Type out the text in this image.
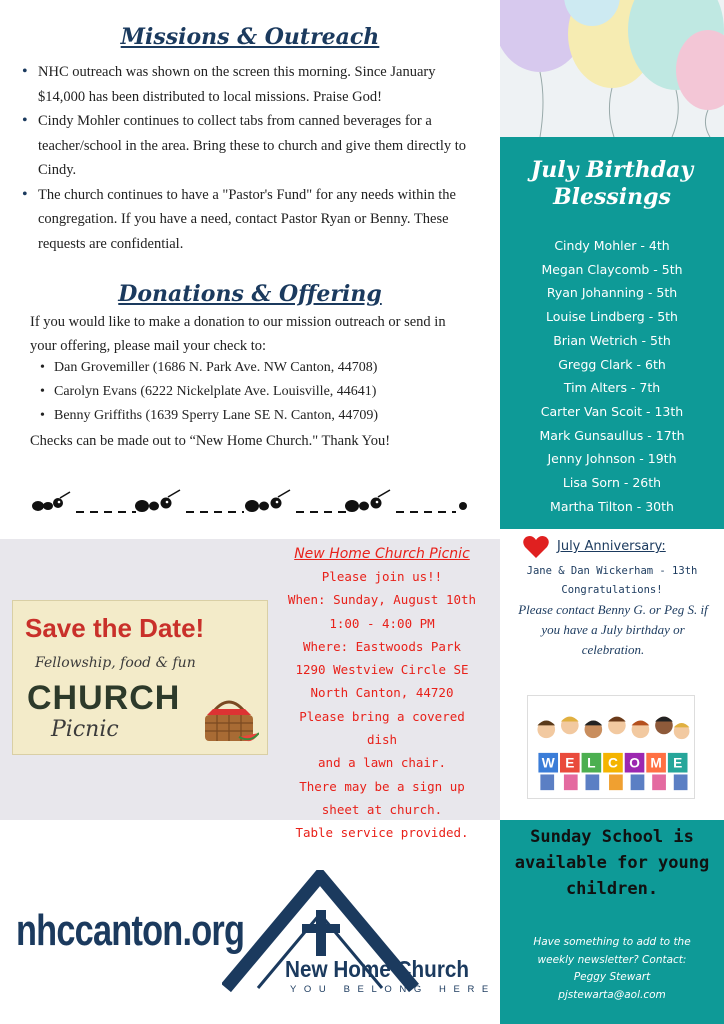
Missions & Outreach
• NHC outreach was shown on the screen this morning. Since January $14,000 has been distributed to local missions. Praise God!
• Cindy Mohler continues to collect tabs from canned beverages for a teacher/school in the area. Bring these to church and give them directly to Cindy.
• The church continues to have a "Pastor's Fund" for any needs within the congregation. If you have a need, contact Pastor Ryan or Benny. These requests are confidential.
Donations & Offering

If you would like to make a donation to our mission outreach or send in your offering, please mail your check to:

• Dan Grovemiller (1686 N. Park Ave. NW Canton, 44708)
• Carolyn Evans (6222 Nickelplate Ave. Louisville, 44641)
• Benny Griffiths (1639 Sperry Lane SE N. Canton, 44709)

Checks can be made out to “New Home Church." Thank You!

Save the Date!
Fellowship, food & fun
CHURCH
Picnic
New Home Church Picnic
Please join us!!
When: Sunday, August 10th
1:00 - 4:00 PM
Where: Eastwoods Park
1290 Westview Circle SE
North Canton, 44720
Please bring a covered dish
and a lawn chair.
There may be a sign up
sheet at church.
Table service provided.
nhccanton.org
New Home Church
YOU BELONG HERE
July Birthday
Blessings
Cindy Mohler - 4th
Megan Claycomb - 5th
Ryan Johanning - 5th
Louise Lindberg - 5th
Brian Wetrich - 5th
Gregg Clark - 6th
Tim Alters - 7th
Carter Van Scoit - 13th
Mark Gunsaullus - 17th
Jenny Johnson - 19th
Lisa Sorn - 26th
Martha Tilton - 30th
July Anniversary:
Jane & Dan Wickerham - 13th
Congratulations!
Please contact Benny G. or Peg S. if you have a July birthday or celebration.
W E L C O M E
Sunday School is available for young children.
Have something to add to the
weekly newsletter? Contact:
Peggy Stewart
pjstewarta@aol.com
